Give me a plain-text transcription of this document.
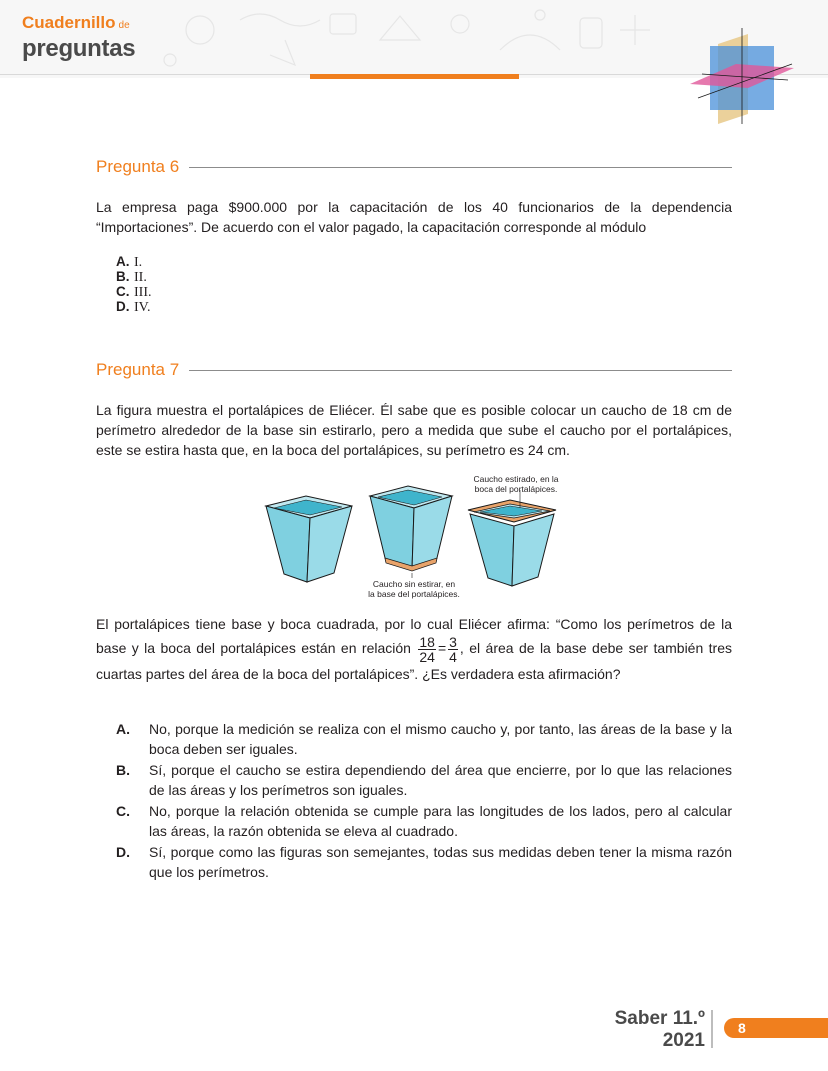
Cuadernillo de
preguntas
Pregunta 6
La empresa paga $900.000 por la capacitación de los 40 funcionarios de la dependencia “Importaciones”. De acuerdo con el valor pagado, la capacitación corresponde al módulo
A. I.
B. II.
C. III.
D. IV.
Pregunta 7
La figura muestra el portalápices de Eliécer. Él sabe que es posible colocar un caucho de 18 cm de perímetro alrededor de la base sin estirarlo, pero a medida que sube el caucho por el portalápices, este se estira hasta que, en la boca del portalápices, su perímetro es 24 cm.
Caucho estirado, en la
boca del portalápices.
Caucho sin estirar, en
la base del portalápices.
El portalápices tiene base y boca cuadrada, por lo cual Eliécer afirma: “Como los perímetros de la base y la boca del portalápices están en relación $\frac{18}{24} = \frac{3}{4}$ , el área de la base debe ser también tres cuartas partes del área de la boca del portalápices”. ¿Es verdadera esta afirmación?
A. No, porque la medición se realiza con el mismo caucho y, por tanto, las áreas de la base y la boca deben ser iguales.
B. Sí, porque el caucho se estira dependiendo del área que encierre, por lo que las relaciones de las áreas y los perímetros son iguales.
C. No, porque la relación obtenida se cumple para las longitudes de los lados, pero al calcular las áreas, la razón obtenida se eleva al cuadrado.
D. Sí, porque como las figuras son semejantes, todas sus medidas deben tener la misma razón que los perímetros.
Saber 11.º
2021
8
